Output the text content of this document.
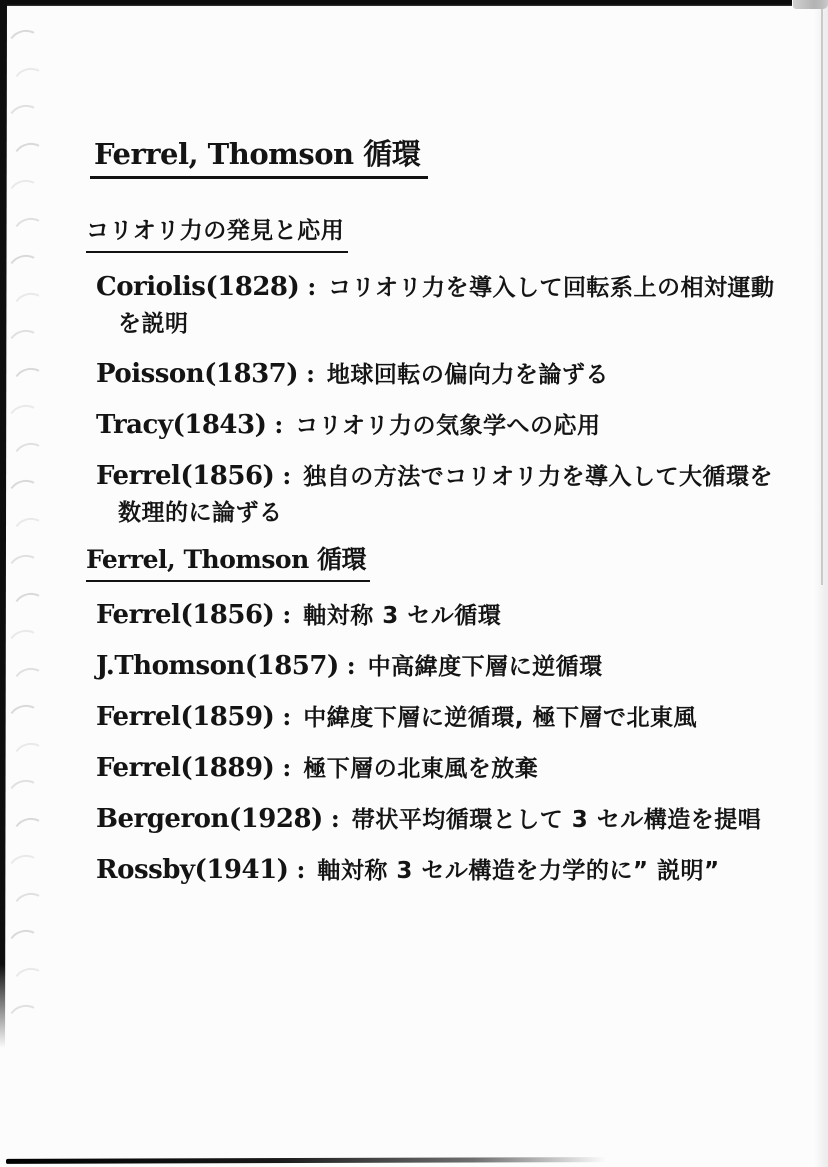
Ferrel, Thomson 循環
コリオリ力の発見と応用
Coriolis(1828) : コリオリ力を導入して回転系上の相対運動
を説明
Poisson(1837) : 地球回転の偏向力を論ずる
Tracy(1843) : コリオリ力の気象学への応用
Ferrel(1856) : 独自の方法でコリオリ力を導入して大循環を
数理的に論ずる
Ferrel, Thomson 循環
Ferrel(1856) : 軸対称 3 セル循環
J.Thomson(1857) : 中高緯度下層に逆循環
Ferrel(1859) : 中緯度下層に逆循環, 極下層で北東風
Ferrel(1889) : 極下層の北東風を放棄
Bergeron(1928) : 帯状平均循環として 3 セル構造を提唱
Rossby(1941) : 軸対称 3 セル構造を力学的に” 説明”
